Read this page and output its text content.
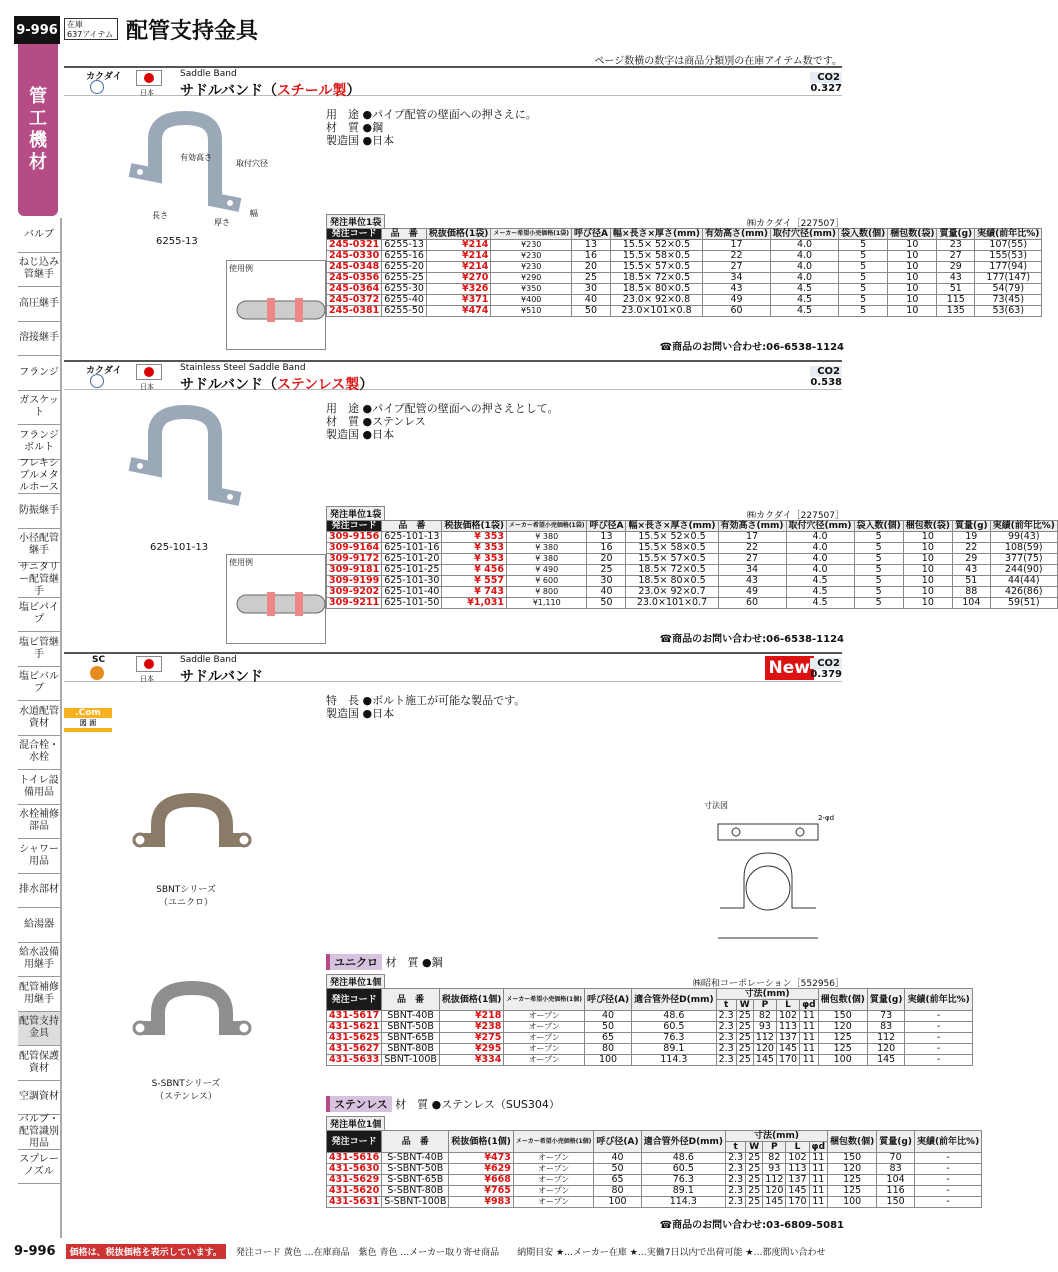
9-996 在庫
637アイテム 配管支持金具
ページ数横の数字は商品分類別の在庫アイテム数です。
管
工
機
材
バルブ
ねじ込み管継手
高圧継手
溶接継手
フランジ
ガスケット
フランジボルト
フレキシブルメタルホース
防振継手
小径配管継手
サニタリー配管継手
塩ビパイプ
塩ビ管継手
塩ビバルブ
水道配管資材
混合栓・水栓
トイレ設備用品
水栓補修部品
シャワー用品
排水部材
給湯器
給水設備用継手
配管補修用継手
配管支持金具
配管保護資材
空調資材
バルブ・配管識別用品
スプレーノズル
カクダイ
日本
Saddle Band
サドルバンド（スチール製）
CO2
0.327
用　途 ●パイプ配管の壁面への押さえに。
材　質 ●鋼
製造国 ●日本
有効高さ
取付穴径
長さ
厚さ
幅
6255-13
使用例
発注単位1袋	㈱カクダイ［227507］
発注コード	品　番	税抜価格(1袋)	メーカー希望小売価格(1袋)	呼び径A	幅×長さ×厚さ(mm)	有効高さ(mm)	取付穴径(mm)	袋入数(個)	梱包数(袋)	質量(g)	実績(前年比%)
245-0321	6255-13	¥214	¥230	13	15.5× 52×0.5	17	4.0	5	10	23	107(55)
245-0330	6255-16	¥214	¥230	16	15.5× 58×0.5	22	4.0	5	10	27	155(53)
245-0348	6255-20	¥214	¥230	20	15.5× 57×0.5	27	4.0	5	10	29	177(94)
245-0356	6255-25	¥270	¥290	25	18.5× 72×0.5	34	4.0	5	10	43	177(147)
245-0364	6255-30	¥326	¥350	30	18.5× 80×0.5	43	4.5	5	10	51	54(79)
245-0372	6255-40	¥371	¥400	40	23.0× 92×0.8	49	4.5	5	10	115	73(45)
245-0381	6255-50	¥474	¥510	50	23.0×101×0.8	60	4.5	5	10	135	53(63)
☎商品のお問い合わせ:06-6538-1124
カクダイ
日本
Stainless Steel Saddle Band
サドルバンド（ステンレス製）
CO2
0.538
用　途 ●パイプ配管の壁面への押さえとして。
材　質 ●ステンレス
製造国 ●日本
625-101-13
使用例
発注単位1袋	㈱カクダイ［227507］
発注コード	品　番	税抜価格(1袋)	メーカー希望小売価格(1袋)	呼び径A	幅×長さ×厚さ(mm)	有効高さ(mm)	取付穴径(mm)	袋入数(個)	梱包数(袋)	質量(g)	実績(前年比%)
309-9156	625-101-13	¥ 353	¥ 380	13	15.5× 52×0.5	17	4.0	5	10	19	99(43)
309-9164	625-101-16	¥ 353	¥ 380	16	15.5× 58×0.5	22	4.0	5	10	22	108(59)
309-9172	625-101-20	¥ 353	¥ 380	20	15.5× 57×0.5	27	4.0	5	10	29	377(75)
309-9181	625-101-25	¥ 456	¥ 490	25	18.5× 72×0.5	34	4.0	5	10	43	244(90)
309-9199	625-101-30	¥ 557	¥ 600	30	18.5× 80×0.5	43	4.5	5	10	51	44(44)
309-9202	625-101-40	¥ 743	¥ 800	40	23.0× 92×0.7	49	4.5	5	10	88	426(86)
309-9211	625-101-50	¥1,031	¥1,110	50	23.0×101×0.7	60	4.5	5	10	104	59(51)
☎商品のお問い合わせ:06-6538-1124
SC
日本
Saddle Band
サドルバンド	New CO2
0.379
特　長 ●ボルト施工が可能な製品です。
製造国 ●日本
.Com
図 面
SBNTシリーズ（ユニクロ）
S-SBNTシリーズ（ステンレス）
寸法図
2-φd
ユニクロ 材　質 ●鋼
発注単位1個	㈱昭和コーポレーション［552956］
発注コード	品　番	税抜価格(1個)	メーカー希望小売価格(1個)	呼び径(A)	適合管外径D(mm)	寸法(mm)					梱包数(個)	質量(g)	実績(前年比%)
						t	W	P	L	φd			
431-5617	SBNT-40B	¥218	オープン	40	48.6	2.3	25	82	102	11	150	73	-
431-5621	SBNT-50B	¥238	オープン	50	60.5	2.3	25	93	113	11	120	83	-
431-5625	SBNT-65B	¥275	オープン	65	76.3	2.3	25	112	137	11	125	112	-
431-5627	SBNT-80B	¥295	オープン	80	89.1	2.3	25	120	145	11	125	120	-
431-5633	SBNT-100B	¥334	オープン	100	114.3	2.3	25	145	170	11	100	145	-
ステンレス 材　質 ●ステンレス（SUS304）
発注単位1個
発注コード	品　番	税抜価格(1個)	メーカー希望小売価格(1個)	呼び径(A)	適合管外径D(mm)	寸法(mm)					梱包数(個)	質量(g)	実績(前年比%)
						t	W	P	L	φd			
431-5616	S-SBNT-40B	¥473	オープン	40	48.6	2.3	25	82	102	11	150	70	-
431-5630	S-SBNT-50B	¥629	オープン	50	60.5	2.3	25	93	113	11	120	83	-
431-5629	S-SBNT-65B	¥668	オープン	65	76.3	2.3	25	112	137	11	125	104	-
431-5620	S-SBNT-80B	¥765	オープン	80	89.1	2.3	25	120	145	11	125	116	-
431-5631	S-SBNT-100B	¥983	オープン	100	114.3	2.3	25	145	170	11	100	150	-
☎商品のお問い合わせ:03-6809-5081
9-996	価格は、税抜価格を表示しています。	発注コード 黄色 …在庫商品　紫色 青色 …メーカー取り寄せ商品　　納期目安 ★…メーカー在庫 ★…実働7日以内で出荷可能 ★…都度問い合わせ
